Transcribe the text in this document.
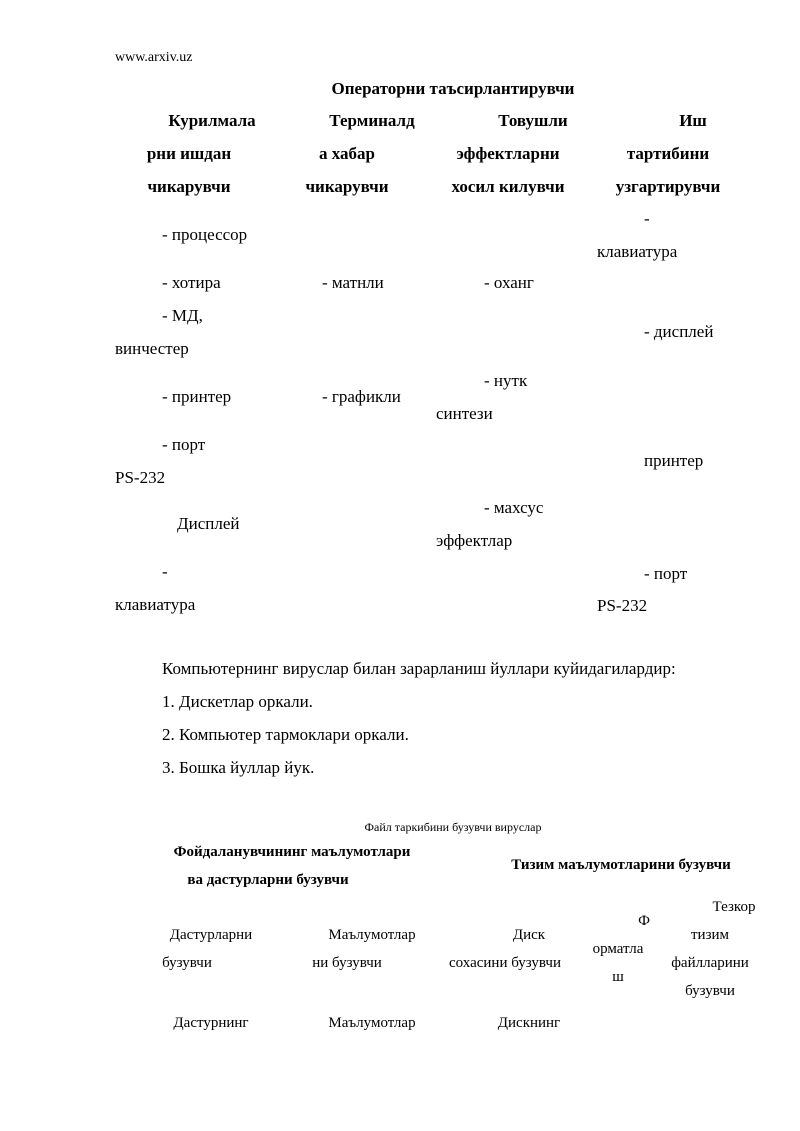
www.arxiv.uz
Операторни таъсирлантирувчи
Курилмала
рни ишдан
чикарувчи
Терминалд
а хабар
чикарувчи
Товушли
эффектларни
хосил килувчи
Иш
тартибини
узгартирувчи
- процессор
- хотира
- МД,
винчестер
- принтер
- порт
PS-232
Дисплей
-
клавиатура
- матнли
- графикли
- оханг
- нутк
синтези
- махсус
эффектлар
-
клавиатура
- дисплей
принтер
- порт
PS-232
Компьютернинг вируслар билан зарарланиш йуллари куйидагилардир:
1. Дискетлар оркали.
2. Компьютер тармоклари оркали.
3. Бошка йуллар йук.
Файл таркибини бузувчи вируслар
Фойдаланувчининг маълумотлари
ва дастурларни бузувчи
Тизим маълумотларини бузувчи
Дастурларни
бузувчи
Маълумотлар
ни бузувчи
Диск
сохасини бузувчи
Ф
орматла
ш
Тезкор
тизим
файлларини
бузувчи
Дастурнинг	Маълумотлар	Дискнинг
